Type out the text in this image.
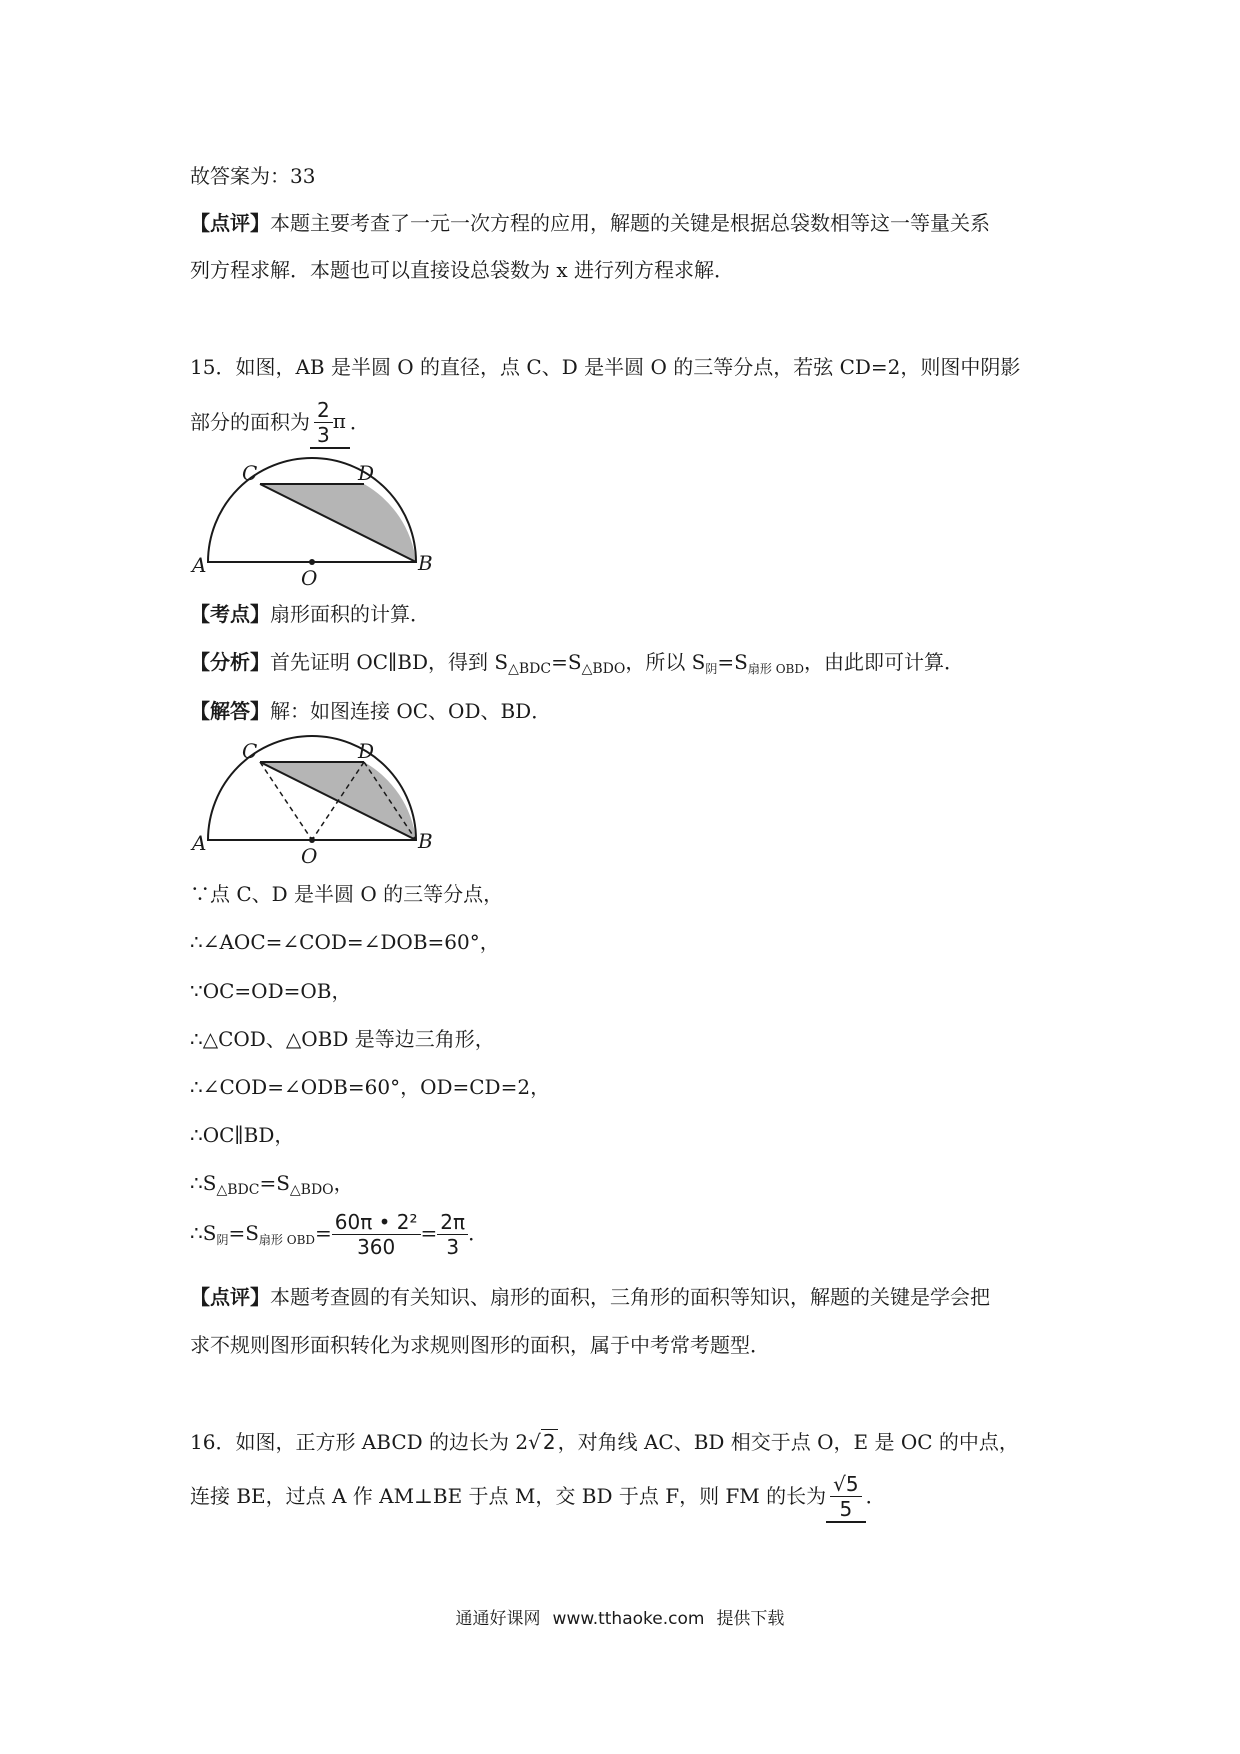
故答案为：33
【点评】本题主要考查了一元一次方程的应用，解题的关键是根据总袋数相等这一等量关系
列方程求解．本题也可以直接设总袋数为 x 进行列方程求解．
15．如图，AB 是半圆 O 的直径，点 C、D 是半圆 O 的三等分点，若弦 CD=2，则图中阴影
部分的面积为 $\frac{2}{3}$ π ．
A	B
C	D
O
【考点】扇形面积的计算．
【分析】首先证明 OC∥BD，得到 $S_{\triangle BDC}=S_{\triangle BDO}$，所以 $S_阴=S_{扇形 OBD}$，由此即可计算．
【解答】解：如图连接 OC、OD、BD．
A	B
C	D
O
∵点 C、D 是半圆 O 的三等分点，
∴∠AOC=∠COD=∠DOB=60°，
∵OC=OD=OB，
∴△COD、△OBD 是等边三角形，
∴∠COD=∠ODB=60°，OD=CD=2，
∴OC∥BD，
$\therefore S_{\triangle BDC}=S_{\triangle BDO}$，
$\therefore S_阴=S_{扇形 OBD}= \frac{\text{60π • 2²}}{360} = \frac{2\pi}{3}$ ．
【点评】本题考查圆的有关知识、扇形的面积，三角形的面积等知识，解题的关键是学会把
求不规则图形面积转化为求规则图形的面积，属于中考常考题型．
16．如图，正方形 ABCD 的边长为 2√ 2 ，对角线 AC、BD 相交于点 O，E 是 OC 的中点，
连接 BE，过点 A 作 AM⊥BE 于点 M，交 BD 于点 F，则 FM 的长为 $\frac{√5}{5}$ ．
通通好课网 www.tthaoke.com 提供下载
